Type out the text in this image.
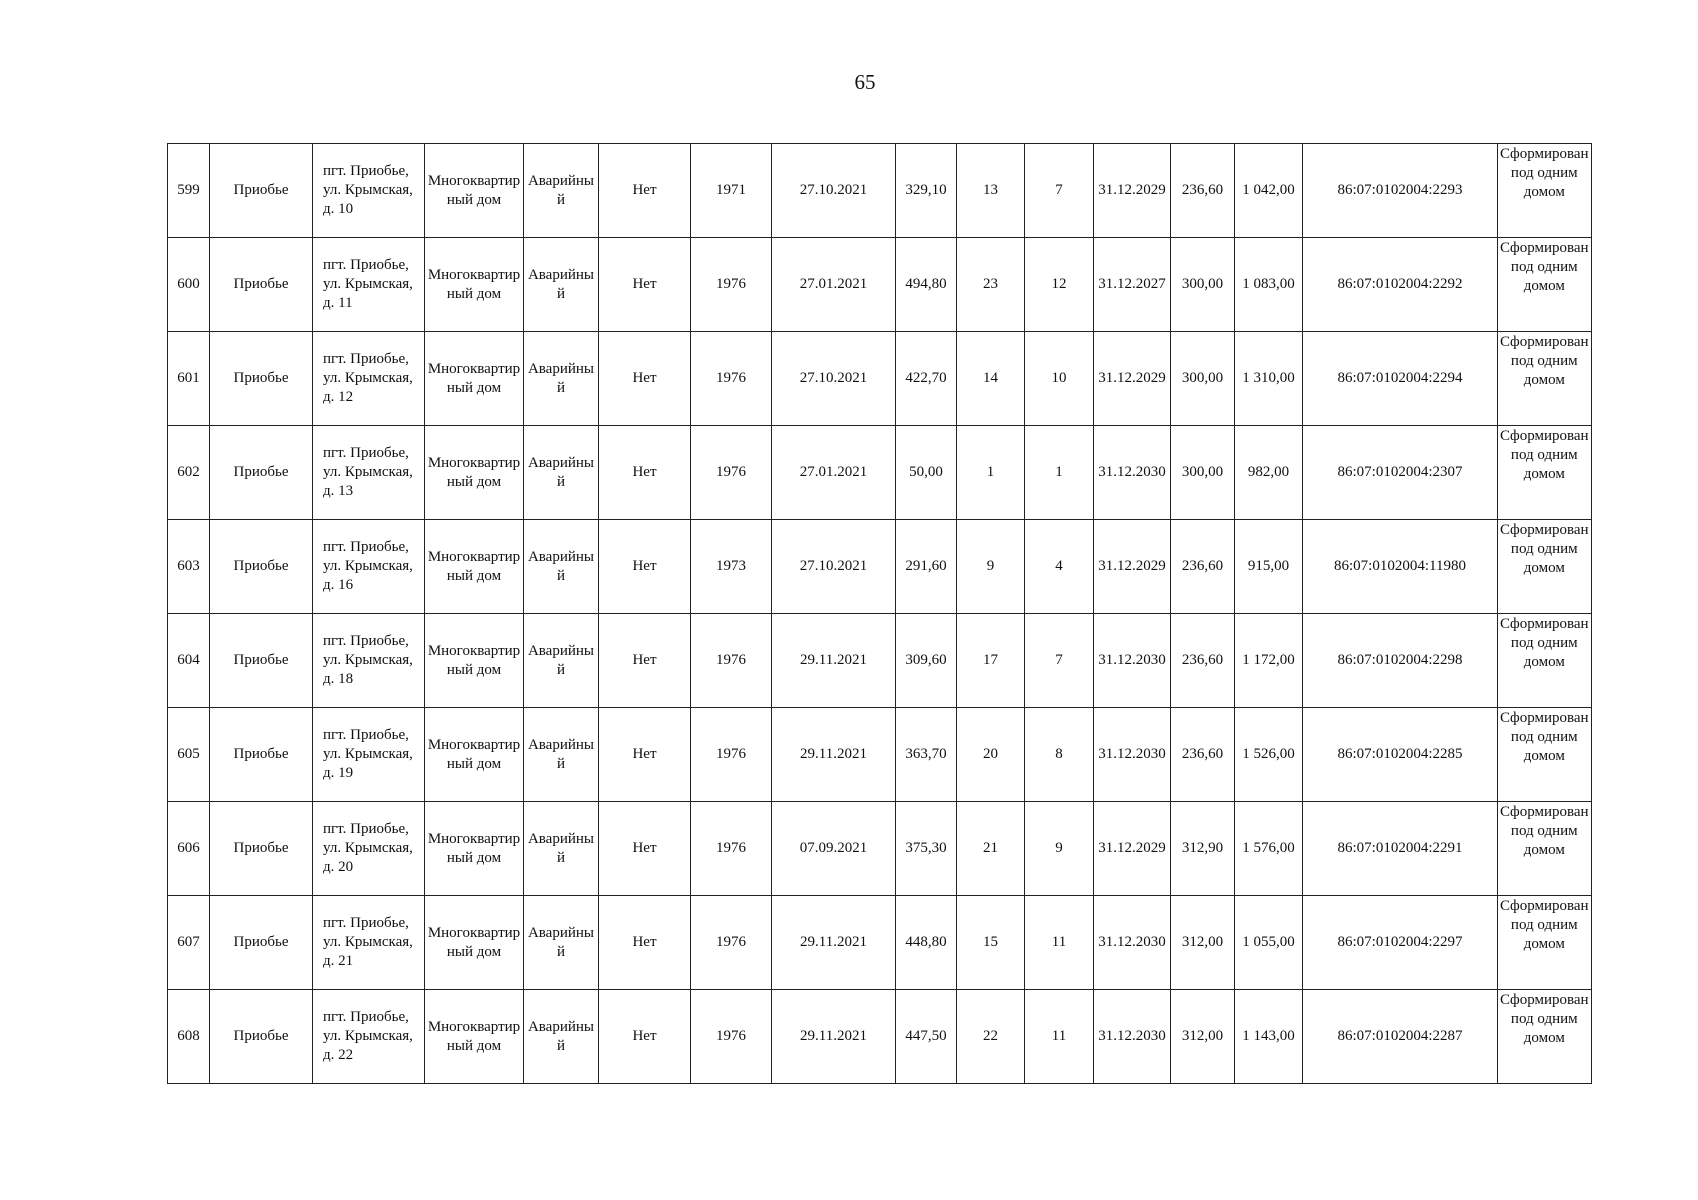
65
599	Приобье	пгт. Приобье, ул. Крымская, д. 10	Многоквартирный дом	Аварийный	Нет	1971	27.10.2021	329,10	13	7	31.12.2029	236,60	1 042,00	86:07:0102004:2293	Сформирован под одним домом
600	Приобье	пгт. Приобье, ул. Крымская, д. 11	Многоквартирный дом	Аварийный	Нет	1976	27.01.2021	494,80	23	12	31.12.2027	300,00	1 083,00	86:07:0102004:2292	Сформирован под одним домом
601	Приобье	пгт. Приобье, ул. Крымская, д. 12	Многоквартирный дом	Аварийный	Нет	1976	27.10.2021	422,70	14	10	31.12.2029	300,00	1 310,00	86:07:0102004:2294	Сформирован под одним домом
602	Приобье	пгт. Приобье, ул. Крымская, д. 13	Многоквартирный дом	Аварийный	Нет	1976	27.01.2021	50,00	1	1	31.12.2030	300,00	982,00	86:07:0102004:2307	Сформирован под одним домом
603	Приобье	пгт. Приобье, ул. Крымская, д. 16	Многоквартирный дом	Аварийный	Нет	1973	27.10.2021	291,60	9	4	31.12.2029	236,60	915,00	86:07:0102004:11980	Сформирован под одним домом
604	Приобье	пгт. Приобье, ул. Крымская, д. 18	Многоквартирный дом	Аварийный	Нет	1976	29.11.2021	309,60	17	7	31.12.2030	236,60	1 172,00	86:07:0102004:2298	Сформирован под одним домом
605	Приобье	пгт. Приобье, ул. Крымская, д. 19	Многоквартирный дом	Аварийный	Нет	1976	29.11.2021	363,70	20	8	31.12.2030	236,60	1 526,00	86:07:0102004:2285	Сформирован под одним домом
606	Приобье	пгт. Приобье, ул. Крымская, д. 20	Многоквартирный дом	Аварийный	Нет	1976	07.09.2021	375,30	21	9	31.12.2029	312,90	1 576,00	86:07:0102004:2291	Сформирован под одним домом
607	Приобье	пгт. Приобье, ул. Крымская, д. 21	Многоквартирный дом	Аварийный	Нет	1976	29.11.2021	448,80	15	11	31.12.2030	312,00	1 055,00	86:07:0102004:2297	Сформирован под одним домом
608	Приобье	пгт. Приобье, ул. Крымская, д. 22	Многоквартирный дом	Аварийный	Нет	1976	29.11.2021	447,50	22	11	31.12.2030	312,00	1 143,00	86:07:0102004:2287	Сформирован под одним домом
